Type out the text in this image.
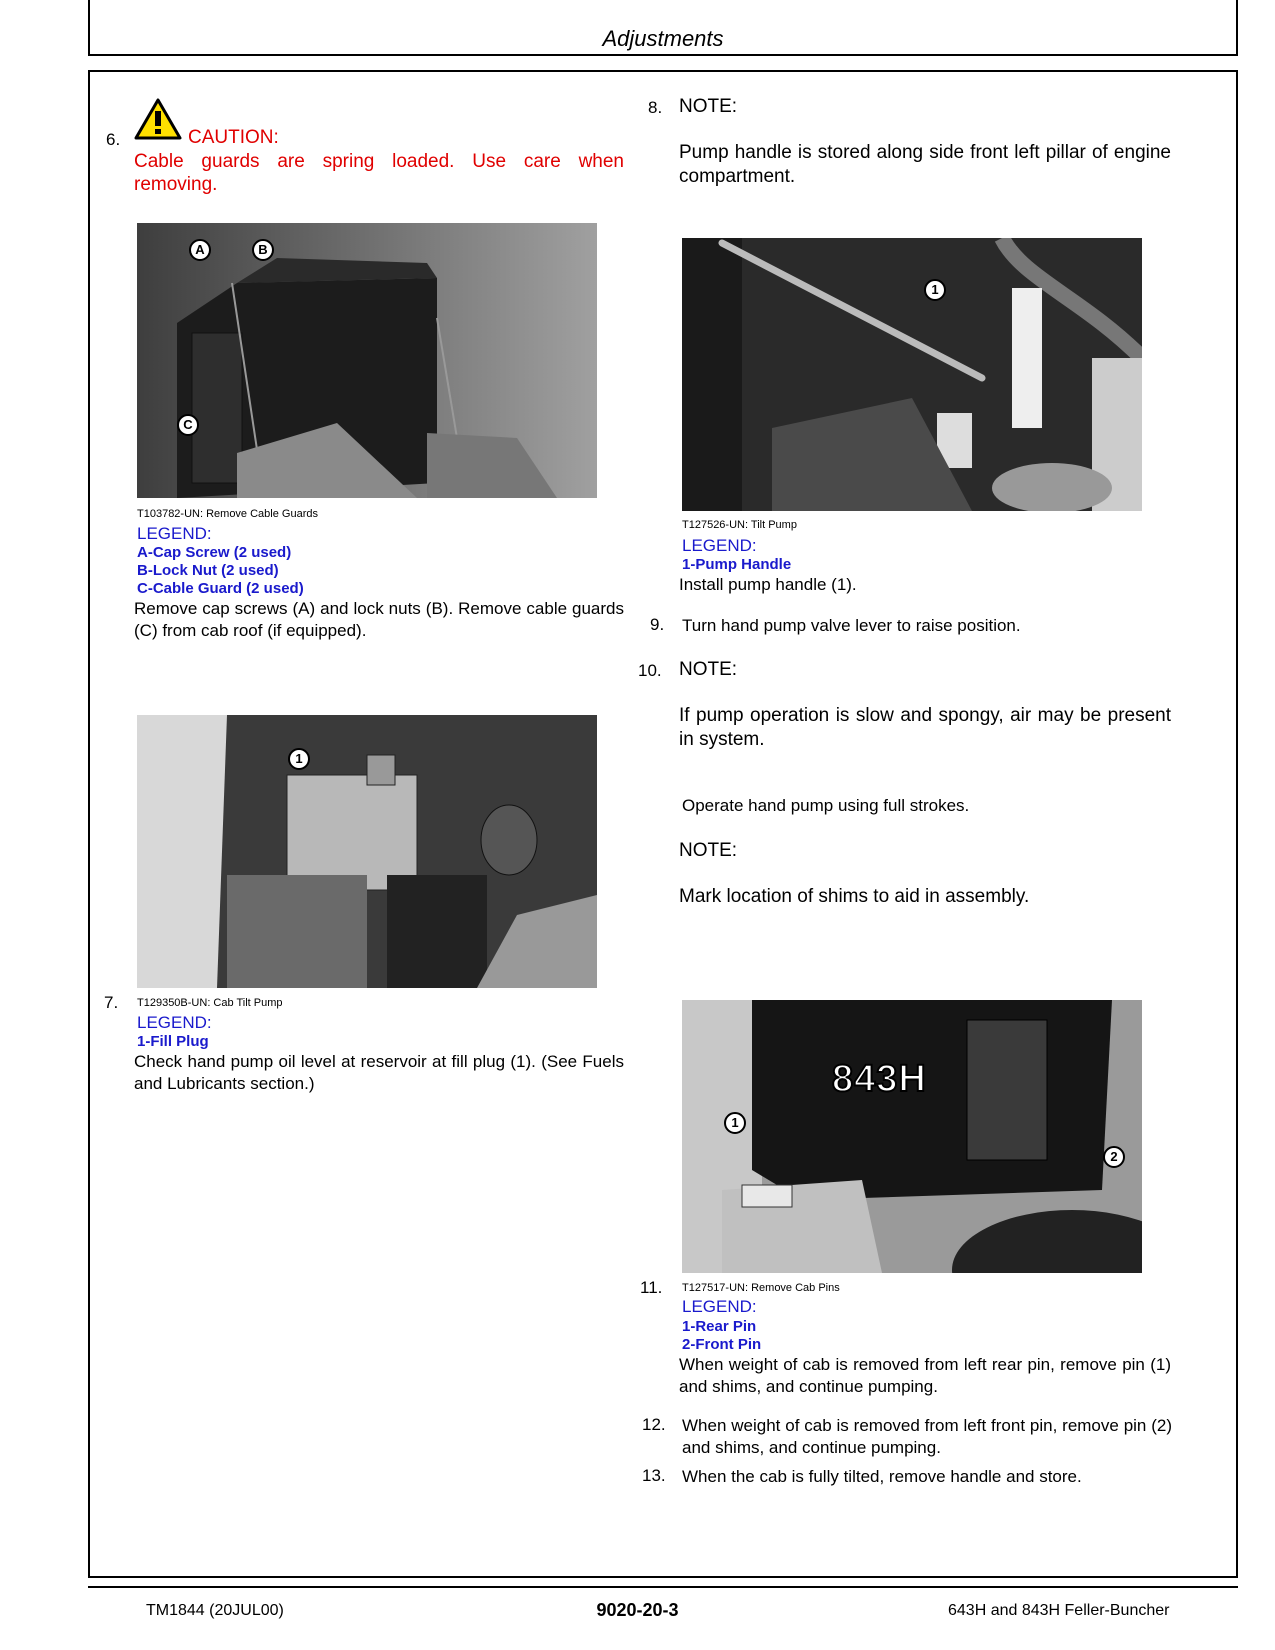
Adjustments
6.	CAUTION:
Cable guards are spring loaded. Use care when
removing.
A	B
C
T103782-UN: Remove Cable Guards
LEGEND:
A-Cap Screw (2 used)
B-Lock Nut (2 used)
C-Cable Guard (2 used)
Remove cap screws (A) and lock nuts (B). Remove cable guards (C) from cab roof (if equipped).
1
7. T129350B-UN: Cab Tilt Pump
LEGEND:
1-Fill Plug
Check hand pump oil level at reservoir at fill plug (1). (See Fuels and Lubricants section.)
8. NOTE:
Pump handle is stored along side front left pillar of engine compartment.
1
T127526-UN: Tilt Pump
LEGEND:
1-Pump Handle
Install pump handle (1).
9. Turn hand pump valve lever to raise position.
10. NOTE:
If pump operation is slow and spongy, air may be present in system.
Operate hand pump using full strokes.
NOTE:
Mark location of shims to aid in assembly.
843H
1
2
11. T127517-UN: Remove Cab Pins
LEGEND:
1-Rear Pin
2-Front Pin
When weight of cab is removed from left rear pin, remove pin (1) and shims, and continue pumping.
12. When weight of cab is removed from left front pin, remove pin (2) and shims, and continue pumping.
13. When the cab is fully tilted, remove handle and store.
TM1844 (20JUL00)	9020-20-3	643H and 843H Feller-Buncher
